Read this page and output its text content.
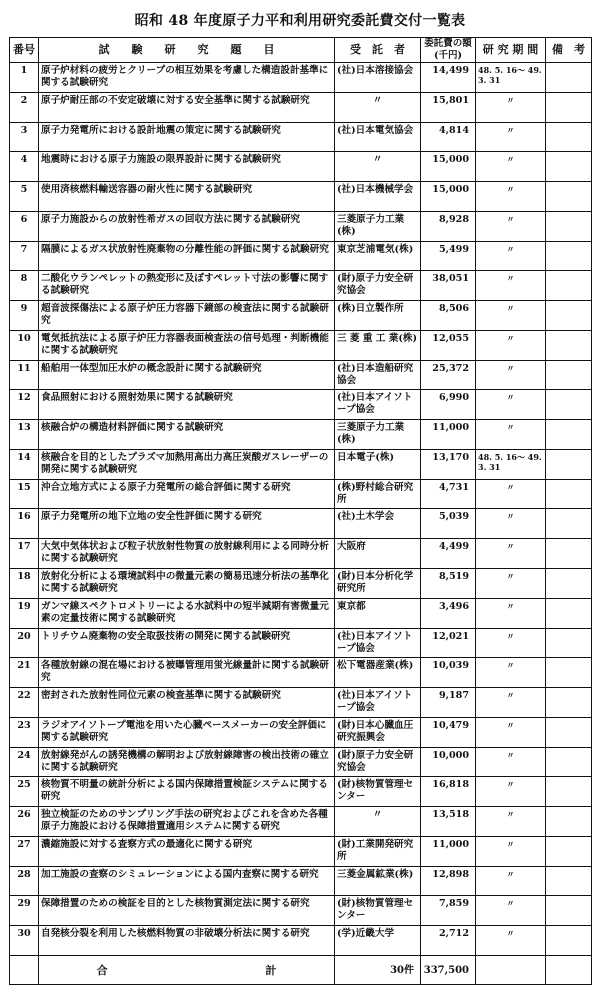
昭和 48 年度原子力平和利用研究委託費交付一覧表
番号	試　　験　　研　　究　　題　　目	受　託　者	委託費の額(千円)	研 究 期 間	備　考
1	原子炉材料の疲労とクリープの相互効果を考慮した構造設計基準に関する試験研究	(社)日本溶接協会	14,499	48. 5. 16～ 49. 3. 31	
2	原子炉耐圧部の不安定破壊に対する安全基準に関する試験研究	〃	15,801	〃	
3	原子力発電所における設計地震の策定に関する試験研究	(社)日本電気協会	4,814	〃	
4	地震時における原子力施設の限界設計に関する試験研究	〃	15,000	〃	
5	使用済核燃料輸送容器の耐火性に関する試験研究	(社)日本機械学会	15,000	〃	
6	原子力施設からの放射性希ガスの回収方法に関する試験研究	三菱原子力工業(株)	8,928	〃	
7	隔膜によるガス状放射性廃棄物の分離性能の評価に関する試験研究	東京芝浦電気(株)	5,499	〃	
8	二酸化ウランペレットの熱変形に及ぼすペレット寸法の影響に関する試験研究	(財)原子力安全研究協会	38,051	〃	
9	超音波探傷法による原子炉圧力容器下鏡部の検査法に関する試験研究	(株)日立製作所	8,506	〃	
10	電気抵抗法による原子炉圧力容器表面検査法の信号処理・判断機能に関する試験研究	三 菱 重 工 業(株)	12,055	〃	
11	船舶用一体型加圧水炉の概念設計に関する試験研究	(社)日本造船研究協会	25,372	〃	
12	食品照射における照射効果に関する試験研究	(社)日本アイソトープ協会	6,990	〃	
13	核融合炉の構造材料評価に関する試験研究	三菱原子力工業(株)	11,000	〃	
14	核融合を目的としたプラズマ加熱用高出力高圧炭酸ガスレーザーの開発に関する試験研究	日本電子(株)	13,170	48. 5. 16～ 49. 3. 31	
15	沖合立地方式による原子力発電所の総合評価に関する研究	(株)野村総合研究所	4,731	〃	
16	原子力発電所の地下立地の安全性評価に関する研究	(社)土木学会	5,039	〃	
17	大気中気体状および粒子状放射性物質の放射線利用による同時分析に関する試験研究	大阪府	4,499	〃	
18	放射化分析による環境試料中の微量元素の簡易迅速分析法の基準化に関する試験研究	(財)日本分析化学研究所	8,519	〃	
19	ガンマ線スペクトロメトリーによる水試料中の短半減期有害微量元素の定量技術に関する試験研究	東京都	3,496	〃	
20	トリチウム廃棄物の安全取扱技術の開発に関する試験研究	(社)日本アイソトープ協会	12,021	〃	
21	各種放射線の混在場における被曝管理用蛍光線量計に関する試験研究	松下電器産業(株)	10,039	〃	
22	密封された放射性同位元素の検査基準に関する試験研究	(社)日本アイソトープ協会	9,187	〃	
23	ラジオアイソトープ電池を用いた心臓ペースメーカーの安全評価に関する試験研究	(財)日本心臓血圧研究振興会	10,479	〃	
24	放射線発がんの誘発機構の解明および放射線障害の検出技術の確立に関する試験研究	(財)原子力安全研究協会	10,000	〃	
25	核物質不明量の統計分析による国内保障措置検証システムに関する研究	(財)核物質管理センター	16,818	〃	
26	独立検証のためのサンプリング手法の研究およびこれを含めた各種原子力施設における保障措置適用システムに関する研究	〃	13,518	〃	
27	濃縮施設に対する査察方式の最適化に関する研究	(財)工業開発研究所	11,000	〃	
28	加工施設の査察のシミュレーションによる国内査察に関する研究	三菱金属鉱業(株)	12,898	〃	
29	保障措置のための検証を目的とした核物質測定法に関する研究	(財)核物質管理センター	7,859	〃	
30	自発核分裂を利用した核燃料物質の非破壊分析法に関する研究	(学)近畿大学	2,712	〃	
	合 計	30件	337,500		
